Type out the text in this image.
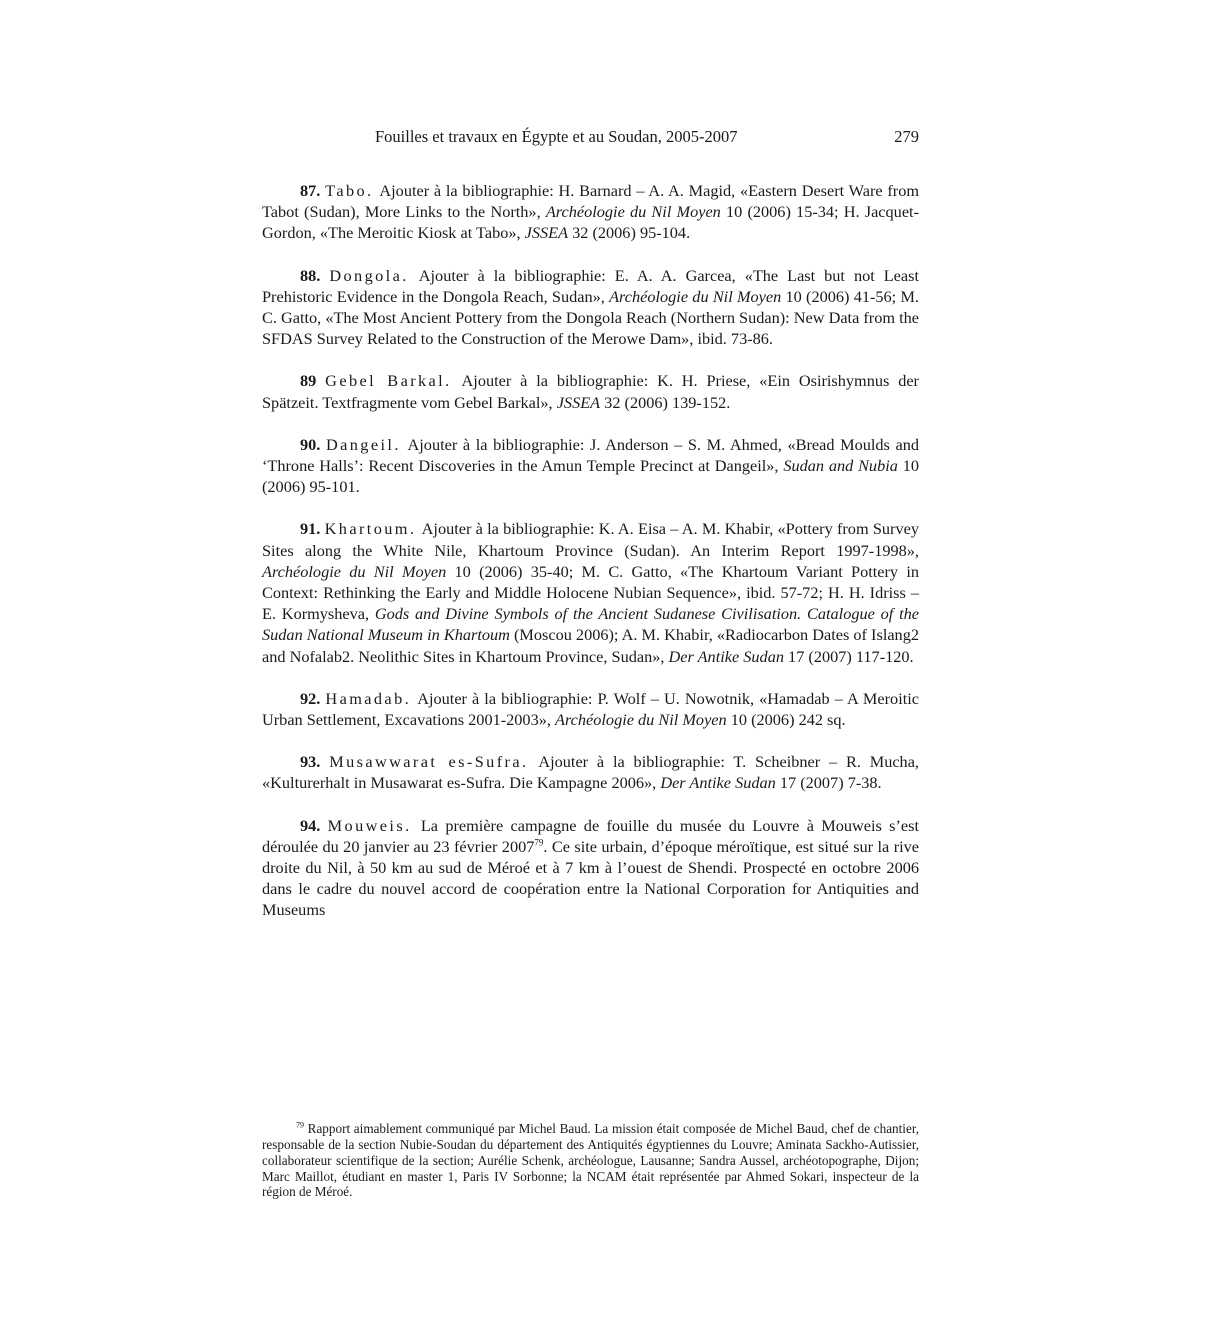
Fouilles et travaux en Égypte et au Soudan, 2005-2007	279

87. Tabo. Ajouter à la bibliographie: H. Barnard – A. A. Magid, «Eastern Desert Ware from Tabot (Sudan), More Links to the North», Archéologie du Nil Moyen 10 (2006) 15-34; H. Jacquet-Gordon, «The Meroitic Kiosk at Tabo», JSSEA 32 (2006) 95-104.

88. Dongola. Ajouter à la bibliographie: E. A. A. Garcea, «The Last but not Least Prehistoric Evidence in the Dongola Reach, Sudan», Archéologie du Nil Moyen 10 (2006) 41-56; M. C. Gatto, «The Most Ancient Pottery from the Dongola Reach (Northern Sudan): New Data from the SFDAS Survey Related to the Construction of the Merowe Dam», ibid. 73-86.

89 Gebel Barkal. Ajouter à la bibliographie: K. H. Priese, «Ein Osirishymnus der Spätzeit. Textfragmente vom Gebel Barkal», JSSEA 32 (2006) 139-152.

90. Dangeil. Ajouter à la bibliographie: J. Anderson – S. M. Ahmed, «Bread Moulds and ‘Throne Halls’: Recent Discoveries in the Amun Temple Precinct at Dangeil», Sudan and Nubia 10 (2006) 95-101.

91. Khartoum. Ajouter à la bibliographie: K. A. Eisa – A. M. Khabir, «Pottery from Survey Sites along the White Nile, Khartoum Province (Sudan). An Interim Report 1997-1998», Archéologie du Nil Moyen 10 (2006) 35-40; M. C. Gatto, «The Khartoum Variant Pottery in Context: Rethinking the Early and Middle Holocene Nubian Sequence», ibid. 57-72; H. H. Idriss – E. Kormysheva, Gods and Divine Symbols of the Ancient Sudanese Civilisation. Catalogue of the Sudan National Museum in Khartoum (Moscou 2006); A. M. Khabir, «Radiocarbon Dates of Islang2 and Nofalab2. Neolithic Sites in Khartoum Province, Sudan», Der Antike Sudan 17 (2007) 117-120.

92. Hamadab. Ajouter à la bibliographie: P. Wolf – U. Nowotnik, «Hamadab – A Meroitic Urban Settlement, Excavations 2001-2003», Archéologie du Nil Moyen 10 (2006) 242 sq.

93. Musawwarat es-Sufra. Ajouter à la bibliographie: T. Scheibner – R. Mucha, «Kulturerhalt in Musawarat es-Sufra. Die Kampagne 2006», Der Antike Sudan 17 (2007) 7-38.

94. Mouweis. La première campagne de fouille du musée du Louvre à Mouweis s’est déroulée du 20 janvier au 23 février 2007$^{79}$. Ce site urbain, d’époque méroïtique, est situé sur la rive droite du Nil, à 50 km au sud de Méroé et à 7 km à l’ouest de Shendi. Prospecté en octobre 2006 dans le cadre du nouvel accord de coopération entre la National Corporation for Antiquities and Museums

$^{79}$ Rapport aimablement communiqué par Michel Baud. La mission était composée de Michel Baud, chef de chantier, responsable de la section Nubie-Soudan du département des Antiquités égyptiennes du Louvre; Aminata Sackho-Autissier, collaborateur scientifique de la section; Aurélie Schenk, archéologue, Lausanne; Sandra Aussel, archéotopographe, Dijon; Marc Maillot, étudiant en master 1, Paris IV Sorbonne; la NCAM était représentée par Ahmed Sokari, inspecteur de la région de Méroé.
